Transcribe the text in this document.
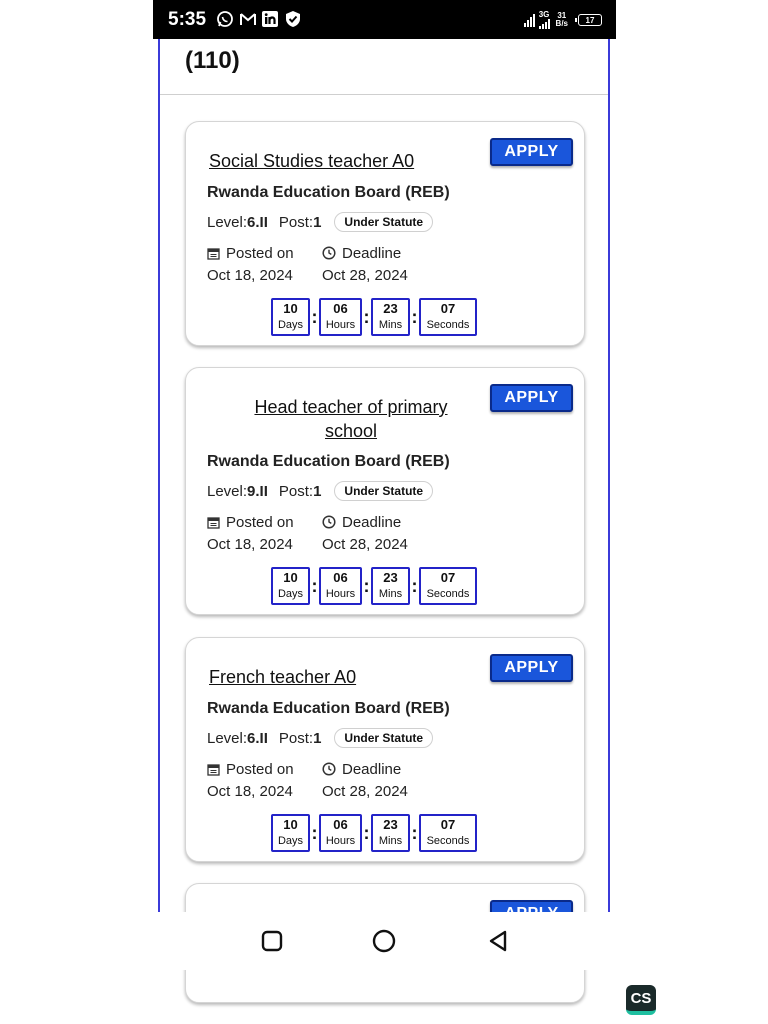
5:35	3G 31
B/s	17
(110)
Social Studies teacher A0	APPLY
Rwanda Education Board (REB)
Level: 6.II Post: 1	Under Statute
Posted on
Oct 18, 2024
Deadline
Oct 28, 2024
10
Days : 06
Hours : 23
Mins : 07
Seconds
Head teacher of primary school
APPLY
Rwanda Education Board (REB)
Level: 9.II Post: 1	Under Statute
Posted on
Oct 18, 2024
Deadline
Oct 28, 2024
10
Days : 06
Hours : 23
Mins : 07
Seconds
French teacher A0	APPLY
Rwanda Education Board (REB)
Level: 6.II Post: 1	Under Statute
Posted on
Oct 18, 2024
Deadline
Oct 28, 2024
10
Days : 06
Hours : 23
Mins : 07
Seconds
CS
